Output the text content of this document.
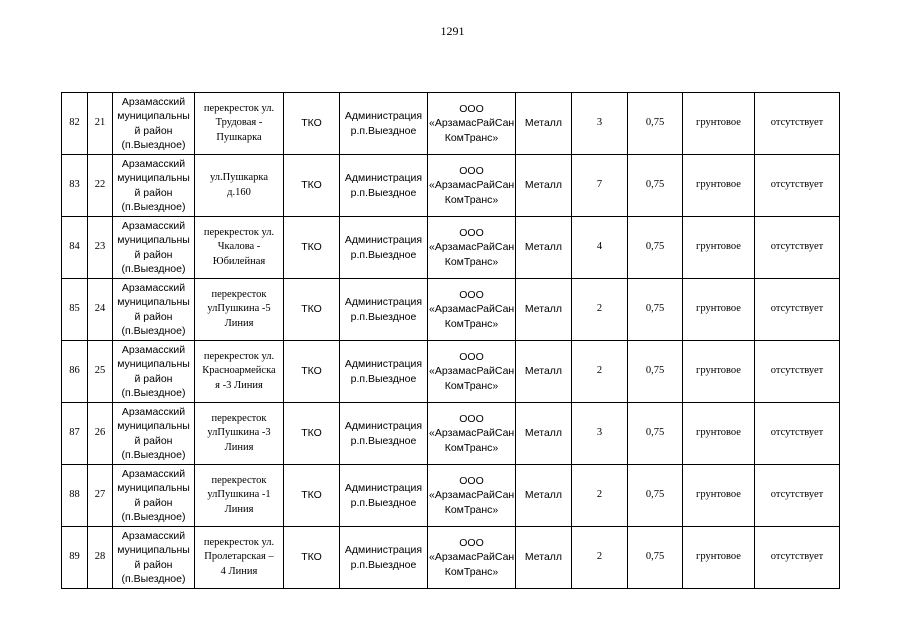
1291
82	21	Арзамасский
муниципальны
й район
(п.Выездное)	перекресток ул.
Трудовая -
Пушкарка	ТКО	Администрация
р.п.Выездное	ООО
«АрзамасРайСан
КомТранс»	Металл	3	0,75	грунтовое	отсутствует
83	22	Арзамасский
муниципальны
й район
(п.Выездное)	ул.Пушкарка
д.160	ТКО	Администрация
р.п.Выездное	ООО
«АрзамасРайСан
КомТранс»	Металл	7	0,75	грунтовое	отсутствует
84	23	Арзамасский
муниципальны
й район
(п.Выездное)	перекресток ул.
Чкалова -
Юбилейная	ТКО	Администрация
р.п.Выездное	ООО
«АрзамасРайСан
КомТранс»	Металл	4	0,75	грунтовое	отсутствует
85	24	Арзамасский
муниципальны
й район
(п.Выездное)	перекресток
улПушкина -5
Линия	ТКО	Администрация
р.п.Выездное	ООО
«АрзамасРайСан
КомТранс»	Металл	2	0,75	грунтовое	отсутствует
86	25	Арзамасский
муниципальны
й район
(п.Выездное)	перекресток ул.
Красноармейска
я -3 Линия	ТКО	Администрация
р.п.Выездное	ООО
«АрзамасРайСан
КомТранс»	Металл	2	0,75	грунтовое	отсутствует
87	26	Арзамасский
муниципальны
й район
(п.Выездное)	перекресток
улПушкина -3
Линия	ТКО	Администрация
р.п.Выездное	ООО
«АрзамасРайСан
КомТранс»	Металл	3	0,75	грунтовое	отсутствует
88	27	Арзамасский
муниципальны
й район
(п.Выездное)	перекресток
улПушкина -1
Линия	ТКО	Администрация
р.п.Выездное	ООО
«АрзамасРайСан
КомТранс»	Металл	2	0,75	грунтовое	отсутствует
89	28	Арзамасский
муниципальны
й район
(п.Выездное)	перекресток ул.
Пролетарская –
4 Линия	ТКО	Администрация
р.п.Выездное	ООО
«АрзамасРайСан
КомТранс»	Металл	2	0,75	грунтовое	отсутствует
